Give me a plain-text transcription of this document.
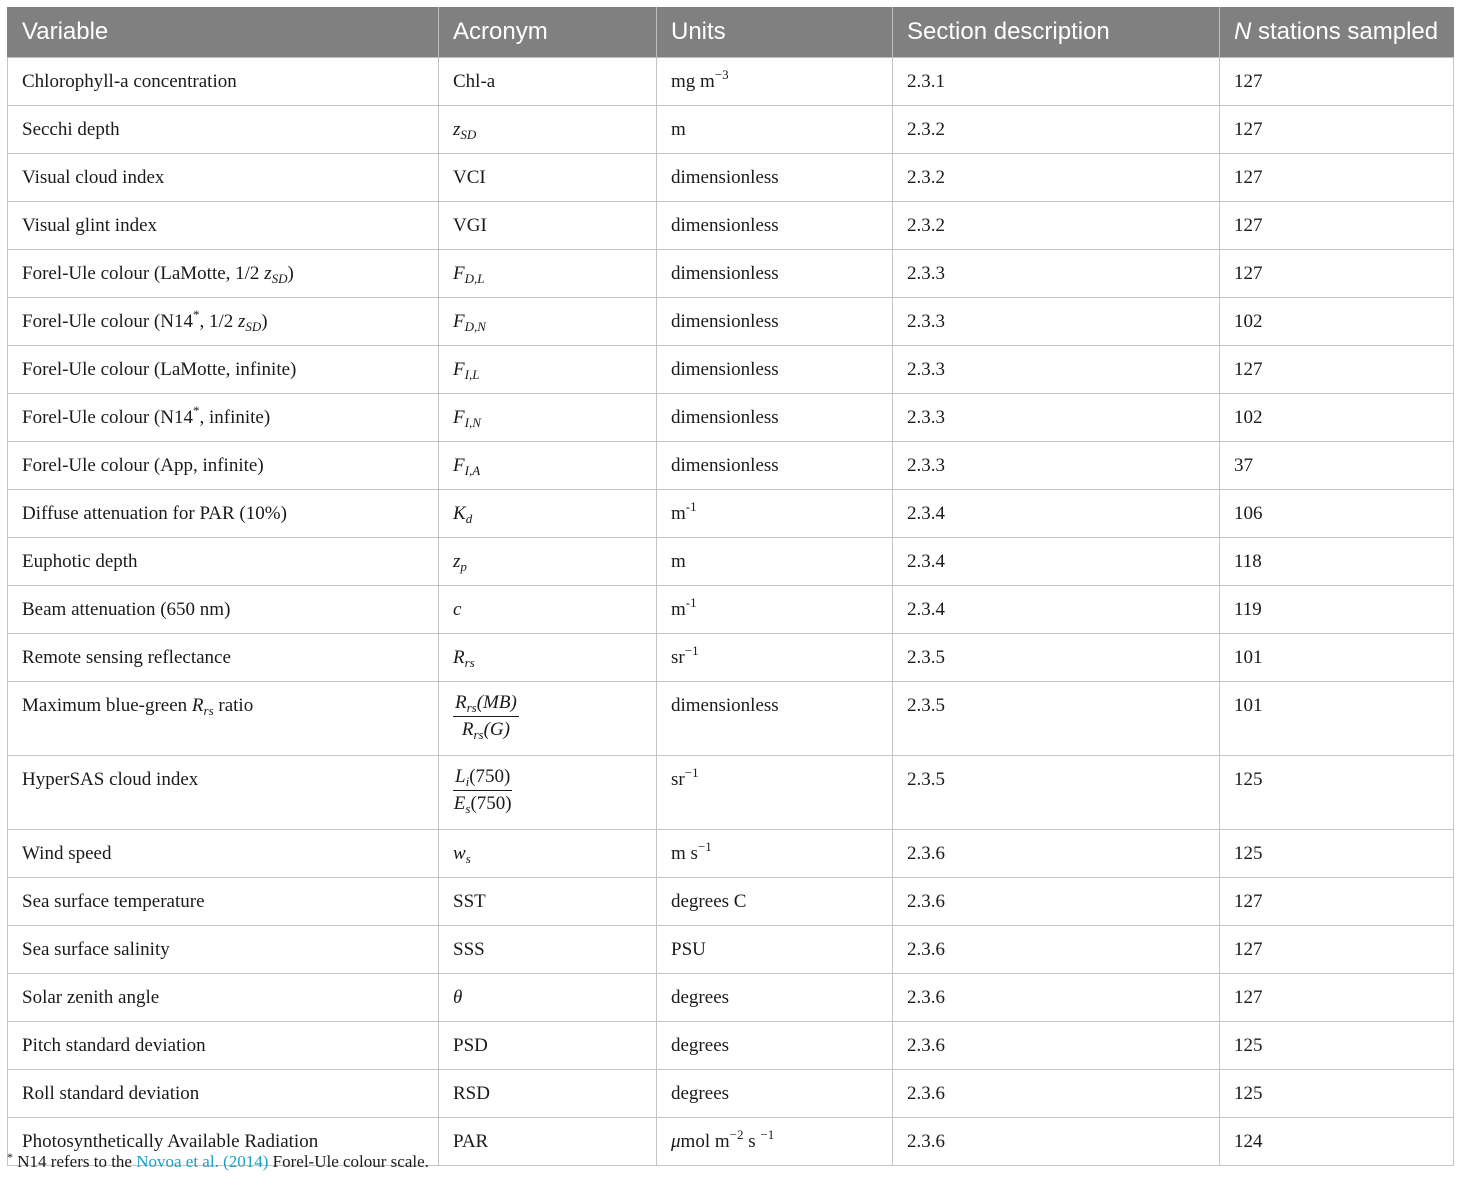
Variable	Acronym	Units	Section description	N stations sampled
Chlorophyll-a concentration	Chl-a	mg $m^{-3}$	2.3.1	127
Secchi depth	$z_{SD}$	m	2.3.2	127
Visual cloud index	VCI	dimensionless	2.3.2	127
Visual glint index	VGI	dimensionless	2.3.2	127
Forel-Ule colour (LaMotte, 1/2 $z_{SD}$)	$F_{D,L}$	dimensionless	2.3.3	127
Forel-Ule colour (N14*, 1/2 $z_{SD}$)	$F_{D,N}$	dimensionless	2.3.3	102
Forel-Ule colour (LaMotte, infinite)	$F_{I,L}$	dimensionless	2.3.3	127
Forel-Ule colour (N14*, infinite)	$F_{I,N}$	dimensionless	2.3.3	102
Forel-Ule colour (App, infinite)	$F_{I,A}$	dimensionless	2.3.3	37
Diffuse attenuation for PAR (10%)	$K_d$	$m^{-1}$	2.3.4	106
Euphotic depth	$z_p$	m	2.3.4	118
Beam attenuation (650 nm)	c	$m^{-1}$	2.3.4	119
Remote sensing reflectance	$R_{rs}$	$sr^{-1}$	2.3.5	101
Maximum blue-green $R_{rs}$ ratio	$\frac{R_{rs}(MB)}{R_{rs}(G)}$	dimensionless	2.3.5	101
HyperSAS cloud index	$\frac{L_i(750)}{E_s(750)}$	$sr^{-1}$	2.3.5	125
Wind speed	$w_s$	m $s^{-1}$	2.3.6	125
Sea surface temperature	SST	degrees C	2.3.6	127
Sea surface salinity	SSS	PSU	2.3.6	127
Solar zenith angle	θ	degrees	2.3.6	127
Pitch standard deviation	PSD	degrees	2.3.6	125
Roll standard deviation	RSD	degrees	2.3.6	125
Photosynthetically Available Radiation	PAR	μmol $m^{-2}$ s $^{-1}$	2.3.6	124
* N14 refers to the Novoa et al. (2014) Forel-Ule colour scale.
